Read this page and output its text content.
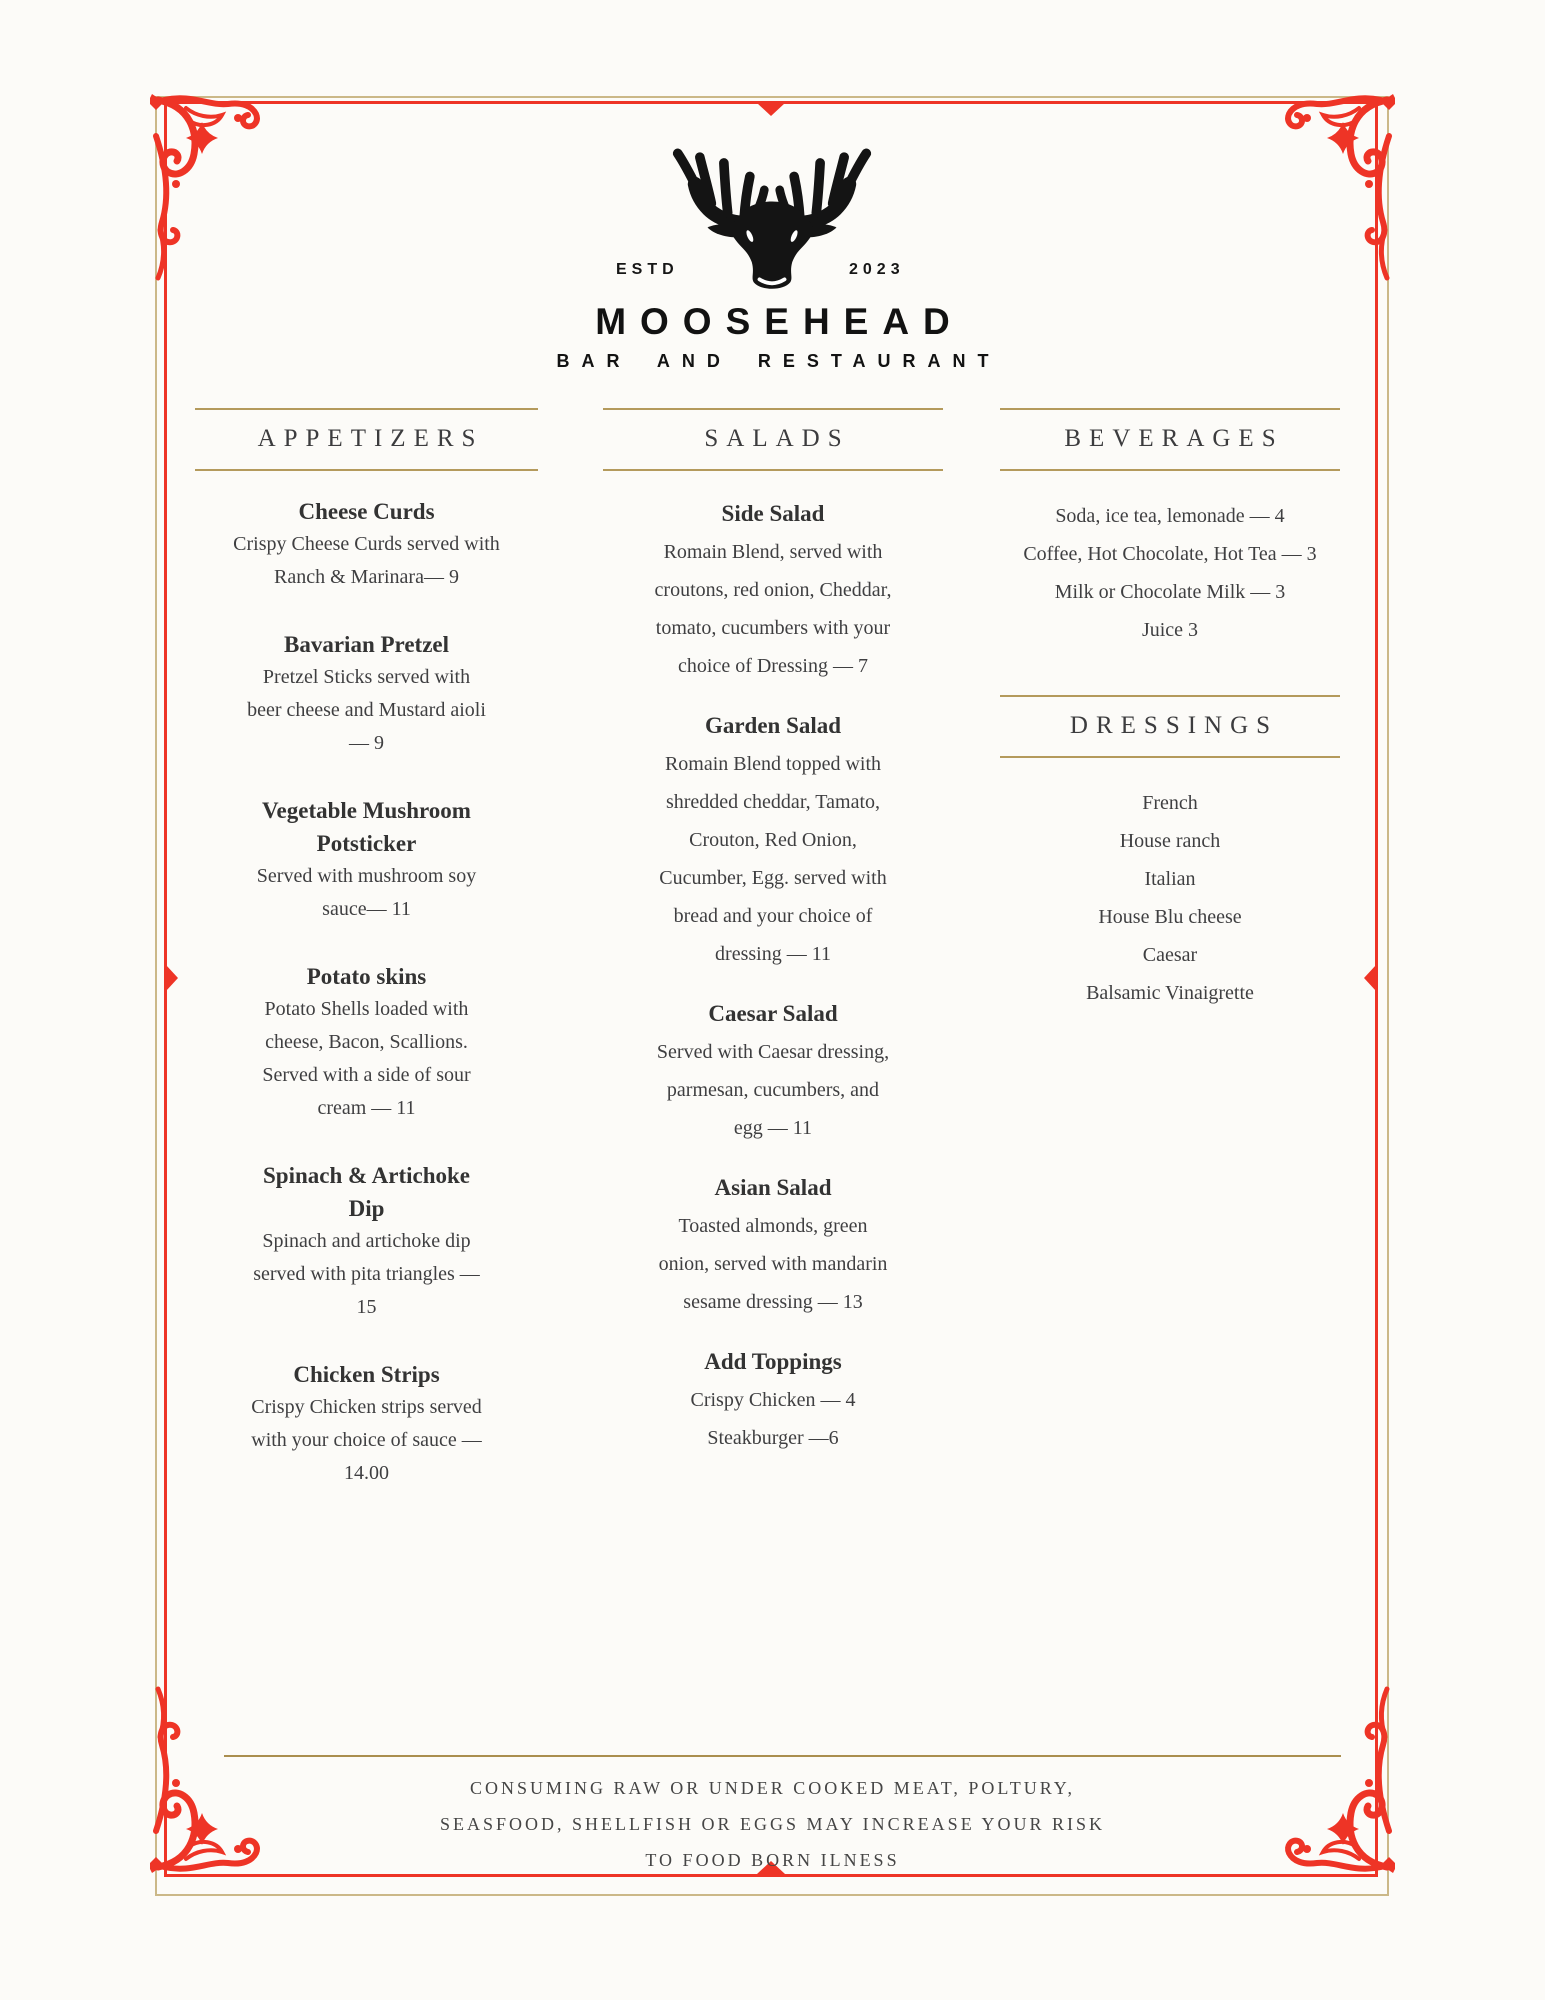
ESTD	2023
MOOSEHEAD
BAR AND RESTAURANT
APPETIZERS
Cheese Curds

Crispy Cheese Curds served with
Ranch & Marinara— 9

Bavarian Pretzel

Pretzel Sticks served with
beer cheese and Mustard aioli
— 9

Vegetable Mushroom
Potsticker

Served with mushroom soy
sauce— 11

Potato skins

Potato Shells loaded with
cheese, Bacon, Scallions.
Served with a side of sour
cream — 11

Spinach & Artichoke
Dip

Spinach and artichoke dip
served with pita triangles —
15

Chicken Strips

Crispy Chicken strips served
with your choice of sauce —
14.00

SALADS
Side Salad

Romain Blend, served with
croutons, red onion, Cheddar,
tomato, cucumbers with your
choice of Dressing — 7

Garden Salad

Romain Blend topped with
shredded cheddar, Tamato,
Crouton, Red Onion,
Cucumber, Egg. served with
bread and your choice of
dressing — 11

Caesar Salad

Served with Caesar dressing,
parmesan, cucumbers, and
egg — 11

Asian Salad

Toasted almonds, green
onion, served with mandarin
sesame dressing — 13

Add Toppings

Crispy Chicken — 4
Steakburger —6

BEVERAGES
Soda, ice tea, lemonade — 4
Coffee, Hot Chocolate, Hot Tea — 3
Milk or Chocolate Milk — 3
Juice 3
DRESSINGS
French
House ranch
Italian
House Blu cheese
Caesar
Balsamic Vinaigrette
CONSUMING RAW OR UNDER COOKED MEAT, POLTURY,
SEASFOOD, SHELLFISH OR EGGS MAY INCREASE YOUR RISK
TO FOOD BORN ILNESS
